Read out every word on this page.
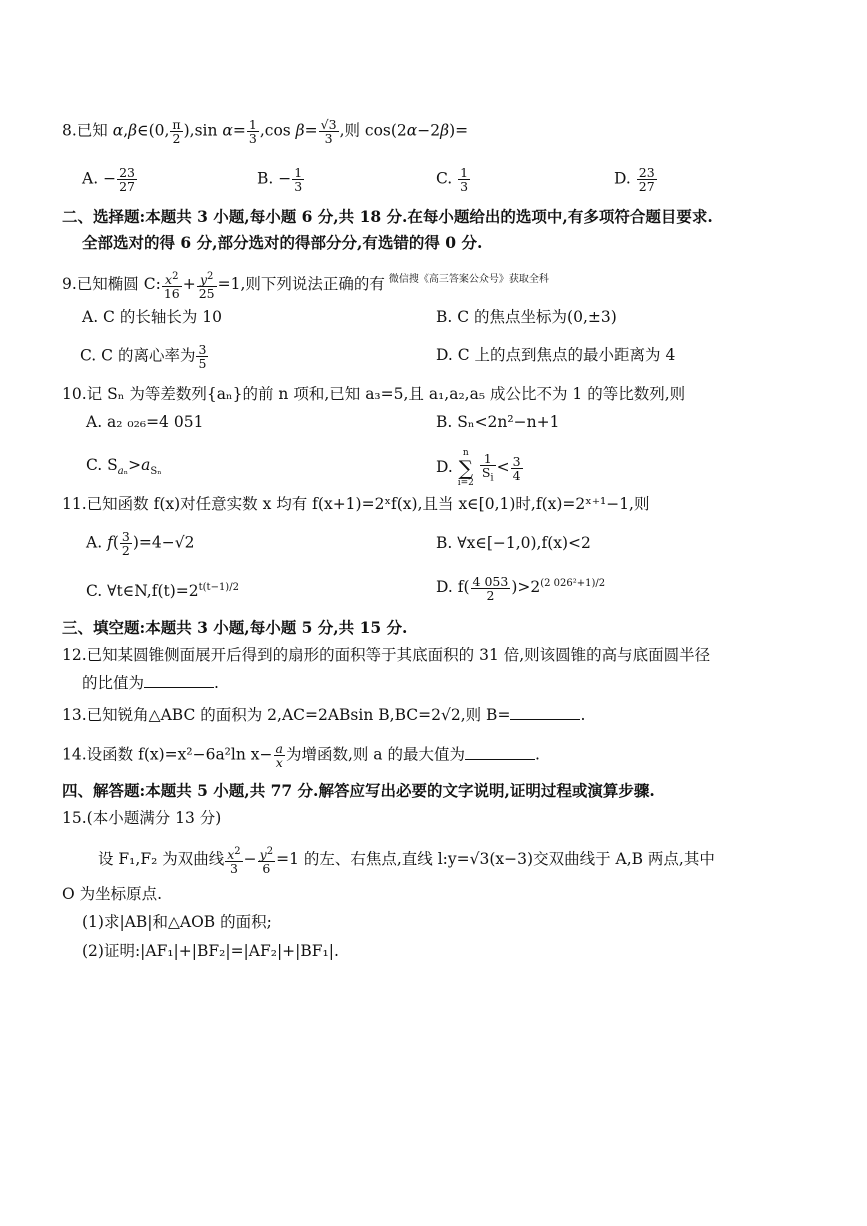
8.已知 α,β∈(0, $\frac{\pi}{2} ),\sin$ $\alpha= \frac{1}{3} ,\cos$ $\beta= \frac{√3}{3}$ ,则 cos(2α−2β)=
A. − $\frac{23}{27}$	B. − $\frac{1}{3}$	C. $\frac{1}{3}$	D. $\frac{23}{27}$
二、选择题:本题共 3 小题,每小题 6 分,共 18 分.在每小题给出的选项中,有多项符合题目要求.
全部选对的得 6 分,部分选对的得部分分,有选错的得 0 分.
9.已知椭圆 C: $\frac{x^2}{16} + \frac{y^2}{25} =1$,则下列说法正确的有 $^{微信搜《高三答案公众号》获取全科}$
A. C 的长轴长为 10	B. C 的焦点坐标为(0,±3)
C. C 的离心率为 $\frac{3}{5}$	D. C 上的点到焦点的最小距离为 4
10.记 Sₙ 为等差数列{aₙ}的前 n 项和,已知 a₃=5,且 a₁,a₂,a₅ 成公比不为 1 的等比数列,则
A. a₂ ₀₂₆=4 051	B. Sₙ<2n²−n+1
C. $S_{a_n}>a_{S_n}$	D. n
∑
$i=2 \frac{1}{S_i} < \frac{3}{4}$
11.已知函数 f(x)对任意实数 x 均有 f(x+1)=2ˣf(x),且当 x∈[0,1)时,f(x)=2ˣ⁺¹−1,则
A. $f( \frac{3}{2} )=4-√2$	B. ∀x∈[−1,0),f(x)<2
C. $\forall t\in N,f(t)=2^{t(t-1)/2}$	D. $f( \frac{4 053}{2} )>2^{(2 026^2+1)/2}$
三、填空题:本题共 3 小题,每小题 5 分,共 15 分.
12.已知某圆锥侧面展开后得到的扇形的面积等于其底面积的 31 倍,则该圆锥的高与底面圆半径
的比值为	.
13.已知锐角△ABC 的面积为 2,AC=2ABsin B,BC=2√2,则 B=	.
14.设函数 f(x)=x²−6a²ln $x- \frac{a}{x}$ 为增函数,则 a 的最大值为	.
四、解答题:本题共 5 小题,共 77 分.解答应写出必要的文字说明,证明过程或演算步骤.
15.(本小题满分 13 分)
设 F₁,F₂ 为双曲线 $\frac{x^2}{3} - \frac{y^2}{6} =1$ 的左、右焦点,直线 l:y=√3(x−3)交双曲线于 A,B 两点,其中
O 为坐标原点.
(1)求|AB|和△AOB 的面积;
(2)证明:|AF₁|+|BF₂|=|AF₂|+|BF₁|.
